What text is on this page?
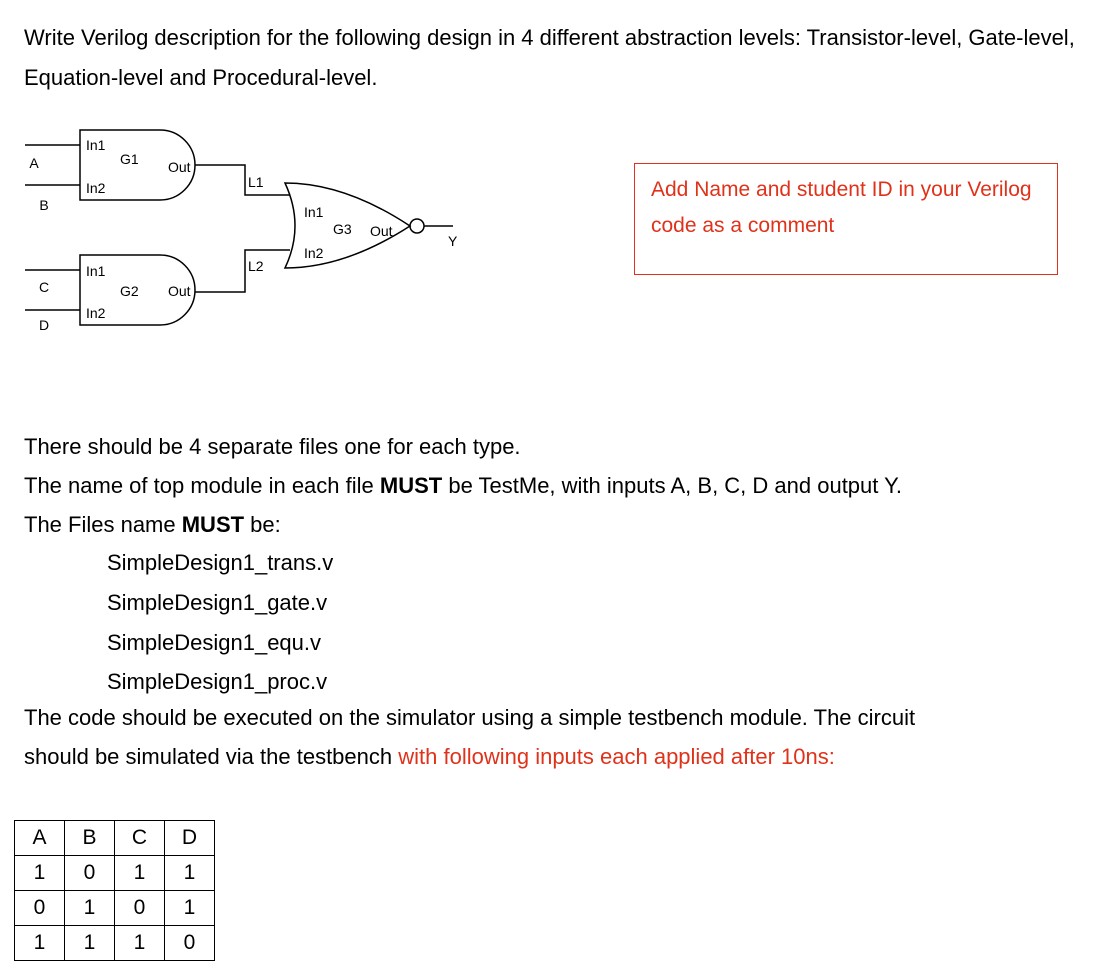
Write Verilog description for the following design in 4 different abstraction levels: Transistor-level, Gate-level, Equation-level and Procedural-level.
A
B
C
D
In1
In2
G1 Out
In1
In2
G2 Out
L1
L2
In1
In2
G3 Out
Y
Add Name and student ID in your Verilog code as a comment
There should be 4 separate files one for each type.
The name of top module in each file MUST be TestMe, with inputs A, B, C, D and output Y.
The Files name MUST be:
SimpleDesign1_trans.v
SimpleDesign1_gate.v
SimpleDesign1_equ.v
SimpleDesign1_proc.v
The code should be executed on the simulator using a simple testbench module. The circuit
should be simulated via the testbench with following inputs each applied after 10ns:
A	B	C	D
1	0	1	1
0	1	0	1
1	1	1	0
